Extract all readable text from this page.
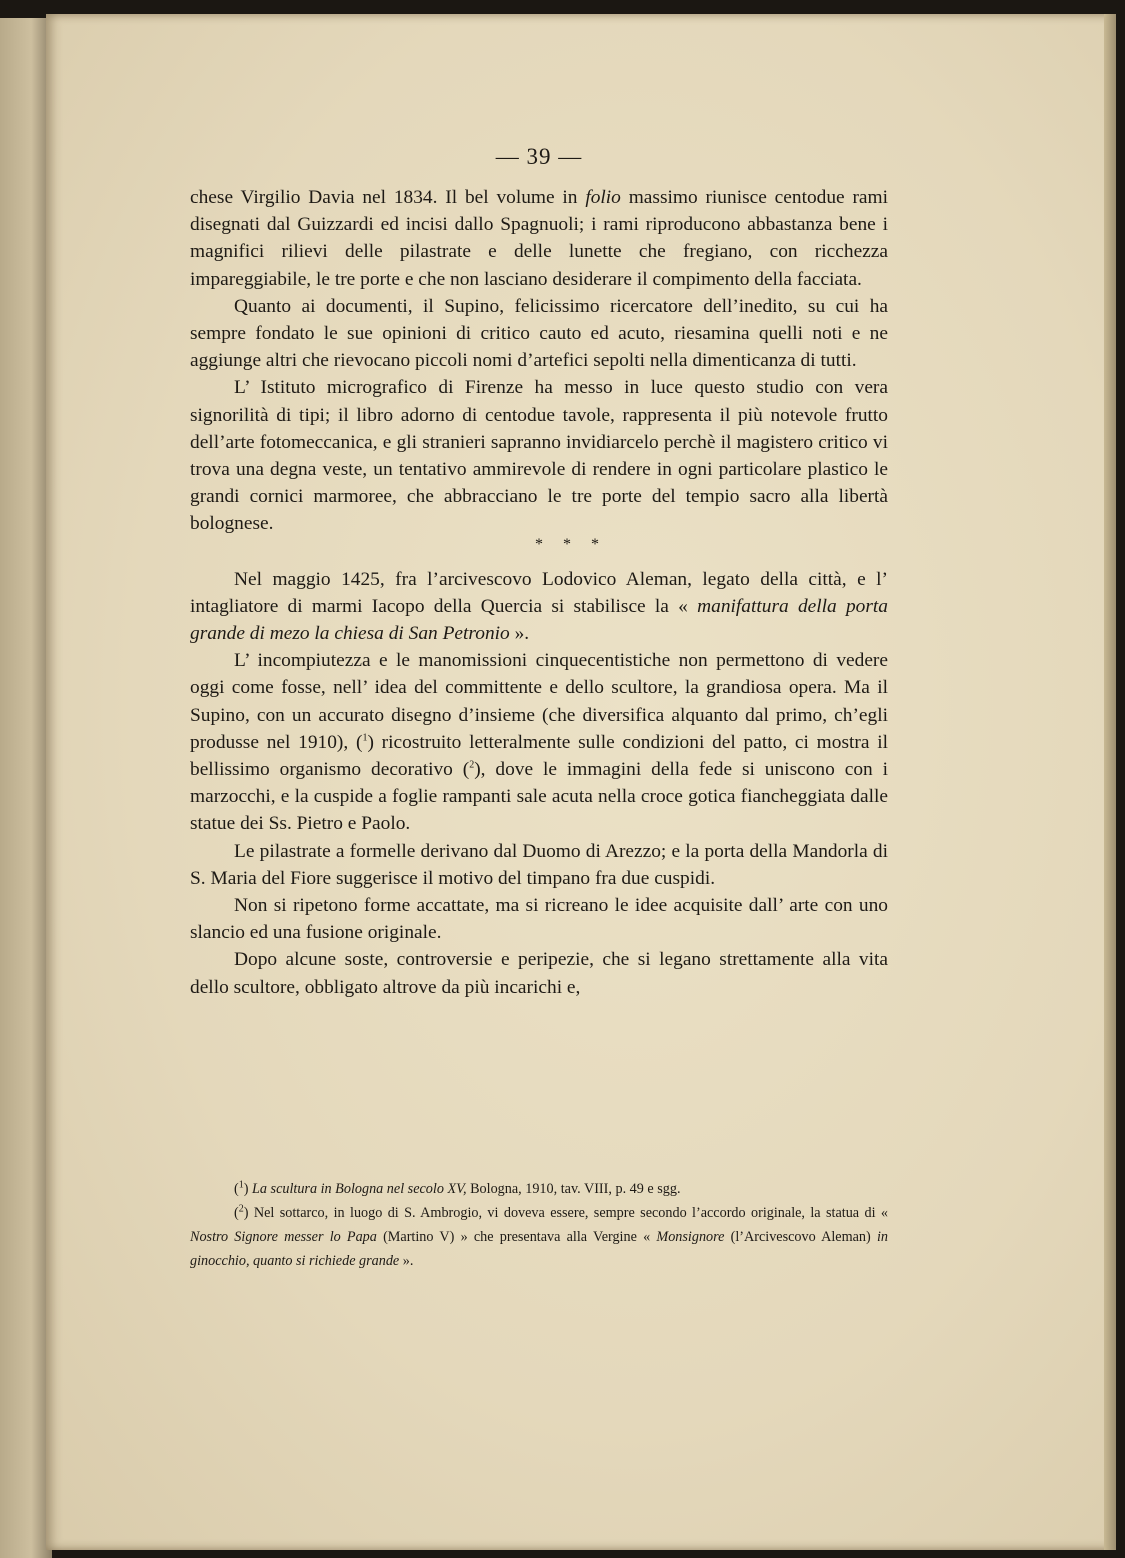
— 39 —

chese Virgilio Davia nel 1834. Il bel volume in folio massimo riunisce centodue rami disegnati dal Guizzardi ed incisi dallo Spagnuoli; i rami riproducono abbastanza bene i magnifici rilievi delle pilastrate e delle lunette che fregiano, con ricchezza impareggiabile, le tre porte e che non lasciano desiderare il compimento della facciata.

Quanto ai documenti, il Supino, felicissimo ricercatore dell’inedito, su cui ha sempre fondato le sue opinioni di critico cauto ed acuto, riesamina quelli noti e ne aggiunge altri che rievocano piccoli nomi d’artefici sepolti nella dimenticanza di tutti.

L’ Istituto micrografico di Firenze ha messo in luce questo studio con vera signorilità di tipi; il libro adorno di centodue tavole, rappresenta il più notevole frutto dell’arte fotomeccanica, e gli stranieri sapranno invidiarcelo perchè il magistero critico vi trova una degna veste, un tentativo ammirevole di rendere in ogni particolare plastico le grandi cornici marmoree, che abbracciano le tre porte del tempio sacro alla libertà bolognese.

* * *

Nel maggio 1425, fra l’arcivescovo Lodovico Aleman, legato della città, e l’ intagliatore di marmi Iacopo della Quercia si stabilisce la « manifattura della porta grande di mezo la chiesa di San Petronio ».

L’ incompiutezza e le manomissioni cinquecentistiche non permettono di vedere oggi come fosse, nell’ idea del committente e dello scultore, la grandiosa opera. Ma il Supino, con un accurato disegno d’insieme (che diversifica alquanto dal primo, ch’egli produsse nel 1910), ($^1$) ricostruito letteralmente sulle condizioni del patto, ci mostra il bellissimo organismo decorativo ($^2$), dove le immagini della fede si uniscono con i marzocchi, e la cuspide a foglie rampanti sale acuta nella croce gotica fiancheggiata dalle statue dei Ss. Pietro e Paolo.

Le pilastrate a formelle derivano dal Duomo di Arezzo; e la porta della Mandorla di S. Maria del Fiore suggerisce il motivo del timpano fra due cuspidi.

Non si ripetono forme accattate, ma si ricreano le idee acquisite dall’ arte con uno slancio ed una fusione originale.

Dopo alcune soste, controversie e peripezie, che si legano strettamente alla vita dello scultore, obbligato altrove da più incarichi e,

($^1$) La scultura in Bologna nel secolo XV, Bologna, 1910, tav. VIII, p. 49 e sgg.

($^2$) Nel sottarco, in luogo di S. Ambrogio, vi doveva essere, sempre secondo l’accordo originale, la statua di « Nostro Signore messer lo Papa (Martino V) » che presentava alla Vergine « Monsignore (l’Arcivescovo Aleman) in ginocchio, quanto si richiede grande ».
